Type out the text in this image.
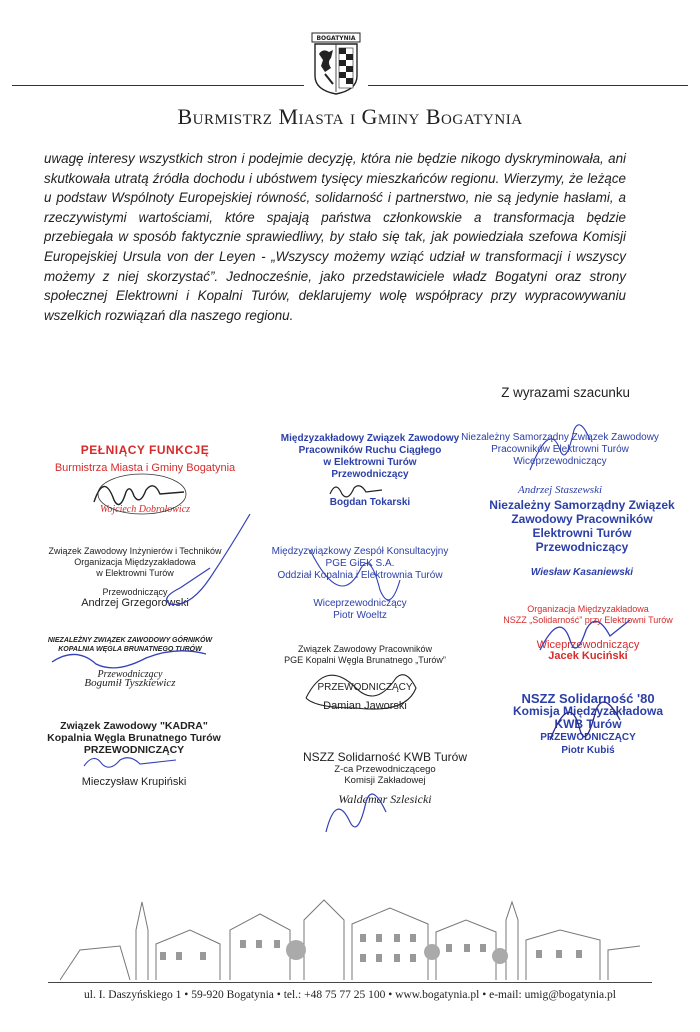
BOGATYNIA
Burmistrz Miasta i Gminy Bogatynia
uwagę interesy wszystkich stron i podejmie decyzję, która nie będzie nikogo dyskryminowała, ani skutkowała utratą źródła dochodu i ubóstwem tysięcy mieszkańców regionu. Wierzymy, że leżące u podstaw Wspólnoty Europejskiej równość, solidarność i partnerstwo, nie są jedynie hasłami, a rzeczywistymi wartościami, które spajają państwa członkowskie a transformacja będzie przebiegała w sposób faktycznie sprawiedliwy, by stało się tak, jak powiedziała szefowa Komisji Europejskiej Ursula von der Leyen - „Wszyscy możemy wziąć udział w transformacji i wszyscy możemy z niej skorzystać”. Jednocześnie, jako przedstawiciele władz Bogatyni oraz strony społecznej Elektrowni i Kopalni Turów, deklarujemy wolę współpracy przy wypracowywaniu wszelkich rozwiązań dla naszego regionu.
Z wyrazami szacunku
PEŁNIĄCY FUNKCJĘ
Burmistrza Miasta i Gminy Bogatynia
Wojciech Dobrołowicz
Międzyzakładowy Związek Zawodowy
Pracowników Ruchu Ciągłego
w Elektrowni Turów
Przewodniczący
Bogdan Tokarski
Niezależny Samorządny Związek Zawodowy
Pracowników Elektrowni Turów
Wiceprzewodniczący
Andrzej Staszewski
Niezależny Samorządny Związek
Zawodowy Pracowników
Elektrowni Turów
Przewodniczący
Wiesław Kasaniewski
Związek Zawodowy Inżynierów i Techników
Organizacja Międzyzakładowa
w Elektrowni Turów
Przewodniczący
Andrzej Grzegorowski
Międzyzwiązkowy Zespół Konsultacyjny
PGE GiEK S.A.
Oddział Kopalnia i Elektrownia Turów
Wiceprzewodniczący
Piotr Woeltz
NIEZALEŻNY ZWIĄZEK ZAWODOWY GÓRNIKÓW
KOPALNIA WĘGLA BRUNATNEGO TURÓW
Przewodniczący
Bogumił Tyszkiewicz
Związek Zawodowy Pracowników
PGE Kopalni Węgla Brunatnego „Turów”
PRZEWODNICZĄCY
Damian Jaworski
Organizacja Międzyzakładowa
NSZZ „Solidarność” przy Elektrowni Turów
Wiceprzewodniczący
Jacek Kuciński
Związek Zawodowy "KADRA"
Kopalnia Węgla Brunatnego Turów
PRZEWODNICZĄCY
Mieczysław Krupiński
NSZZ Solidarność KWB Turów
Z-ca Przewodniczącego
Komisji Zakładowej
Waldemar Szlesicki
NSZZ Solidarność '80
Komisja Międzyzakładowa
KWB Turów
PRZEWODNICZĄCY
Piotr Kubiś
ul. I. Daszyńskiego 1 • 59-920 Bogatynia • tel.: +48 75 77 25 100 • www.bogatynia.pl • e-mail: umig@bogatynia.pl
